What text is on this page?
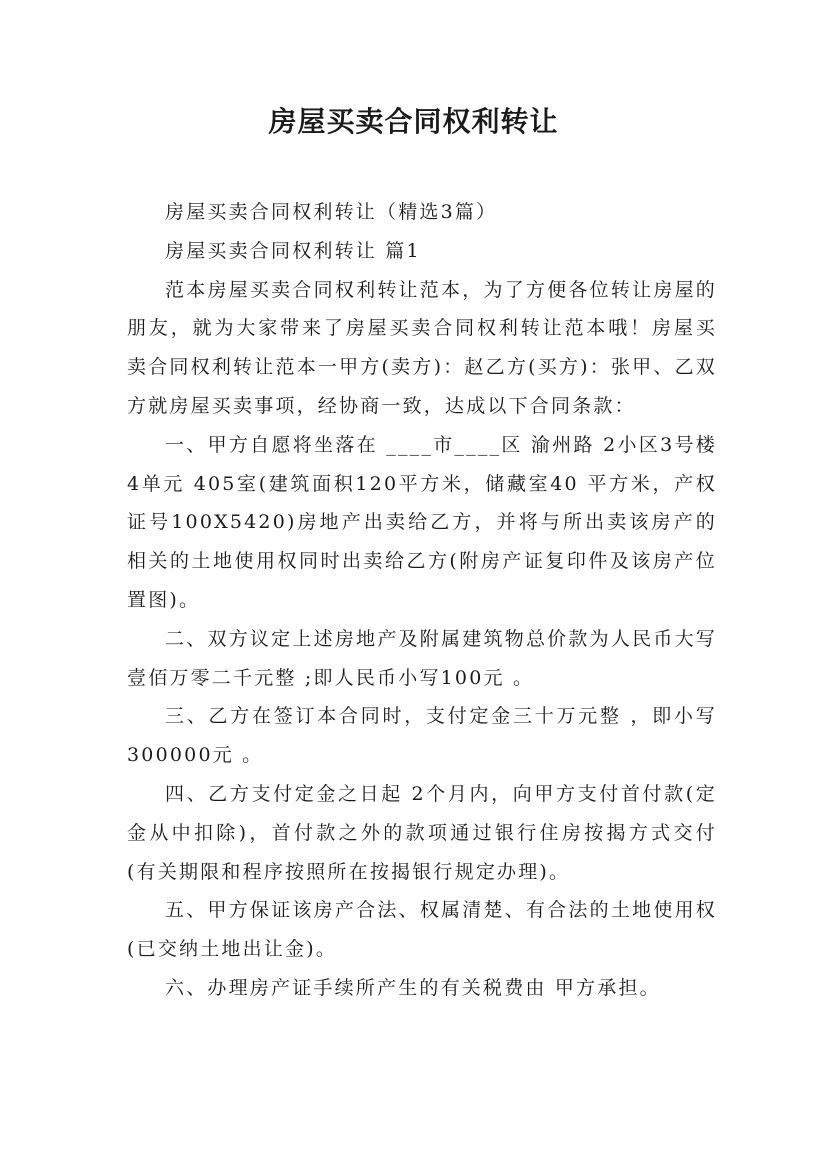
房屋买卖合同权利转让

房屋买卖合同权利转让（精选3篇）

房屋买卖合同权利转让 篇1

范本房屋买卖合同权利转让范本，为了方便各位转让房屋的朋友，就为大家带来了房屋买卖合同权利转让范本哦！房屋买卖合同权利转让范本一甲方(卖方)：赵乙方(买方)：张甲、乙双方就房屋买卖事项，经协商一致，达成以下合同条款：

一、甲方自愿将坐落在 ____市____区 渝州路 2小区3号楼 4单元 405室(建筑面积120平方米，储藏室40 平方米，产权证号100X5420)房地产出卖给乙方，并将与所出卖该房产的相关的土地使用权同时出卖给乙方(附房产证复印件及该房产位置图)。

二、双方议定上述房地产及附属建筑物总价款为人民币大写壹佰万零二千元整 ;即人民币小写100元 。

三、乙方在签订本合同时，支付定金三十万元整 ，即小写300000元 。

四、乙方支付定金之日起 2个月内，向甲方支付首付款(定金从中扣除)，首付款之外的款项通过银行住房按揭方式交付(有关期限和程序按照所在按揭银行规定办理)。

五、甲方保证该房产合法、权属清楚、有合法的土地使用权(已交纳土地出让金)。

六、办理房产证手续所产生的有关税费由 甲方承担。
